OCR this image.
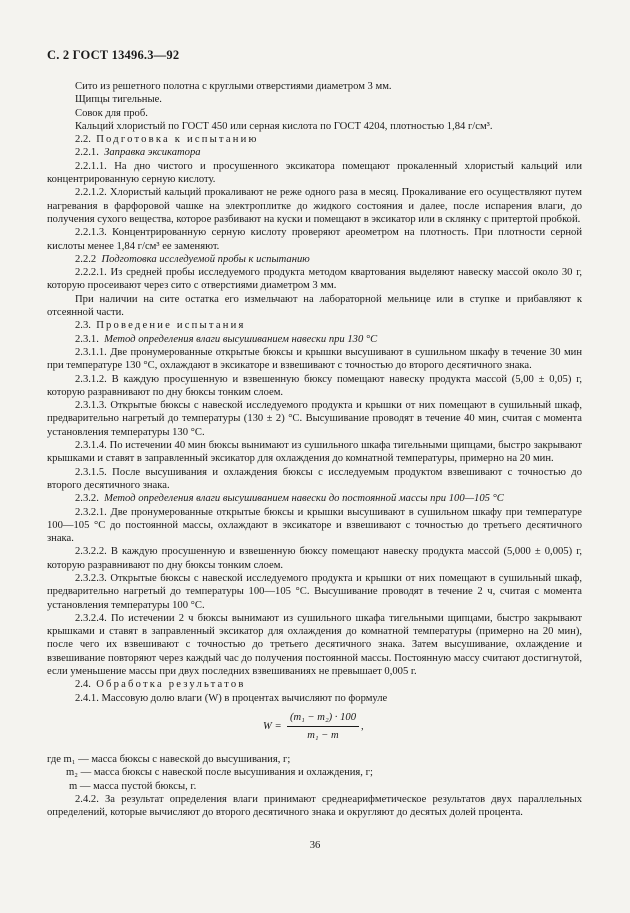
С. 2 ГОСТ 13496.3—92

Сито из решетного полотна с круглыми отверстиями диаметром 3 мм.

Щипцы тигельные.

Совок для проб.

Кальций хлористый по ГОСТ 450 или серная кислота по ГОСТ 4204, плотностью 1,84 г/см³.

2.2. Подготовка к испытанию

2.2.1. Заправка эксикатора

2.2.1.1. На дно чистого и просушенного эксикатора помещают прокаленный хлористый кальций или концентрированную серную кислоту.

2.2.1.2. Хлористый кальций прокаливают не реже одного раза в месяц. Прокаливание его осуществляют путем нагревания в фарфоровой чашке на электроплитке до жидкого состояния и далее, после испарения влаги, до получения сухого вещества, которое разбивают на куски и помещают в эксикатор или в склянку с притертой пробкой.

2.2.1.3. Концентрированную серную кислоту проверяют ареометром на плотность. При плотности серной кислоты менее 1,84 г/см³ ее заменяют.

2.2.2 Подготовка исследуемой пробы к испытанию

2.2.2.1. Из средней пробы исследуемого продукта методом квартования выделяют навеску массой около 30 г, которую просеивают через сито с отверстиями диаметром 3 мм.

При наличии на сите остатка его измельчают на лабораторной мельнице или в ступке и прибавляют к отсеянной части.

2.3. Проведение испытания

2.3.1. Метод определения влаги высушиванием навески при 130 °С

2.3.1.1. Две пронумерованные открытые бюксы и крышки высушивают в сушильном шкафу в течение 30 мин при температуре 130 °С, охлаждают в эксикаторе и взвешивают с точностью до второго десятичного знака.

2.3.1.2. В каждую просушенную и взвешенную бюксу помещают навеску продукта массой (5,00 ± 0,05) г, которую разравнивают по дну бюксы тонким слоем.

2.3.1.3. Открытые бюксы с навеской исследуемого продукта и крышки от них помещают в сушильный шкаф, предварительно нагретый до температуры (130 ± 2) °С. Высушивание проводят в течение 40 мин, считая с момента установления температуры 130 °С.

2.3.1.4. По истечении 40 мин бюксы вынимают из сушильного шкафа тигельными щипцами, быстро закрывают крышками и ставят в заправленный эксикатор для охлаждения до комнатной температуры, примерно на 20 мин.

2.3.1.5. После высушивания и охлаждения бюксы с исследуемым продуктом взвешивают с точностью до второго десятичного знака.

2.3.2. Метод определения влаги высушиванием навески до постоянной массы при 100—105 °С

2.3.2.1. Две пронумерованные открытые бюксы и крышки высушивают в сушильном шкафу при температуре 100—105 °С до постоянной массы, охлаждают в эксикаторе и взвешивают с точностью до третьего десятичного знака.

2.3.2.2. В каждую просушенную и взвешенную бюксу помещают навеску продукта массой (5,000 ± 0,005) г, которую разравнивают по дну бюксы тонким слоем.

2.3.2.3. Открытые бюксы с навеской исследуемого продукта и крышки от них помещают в сушильный шкаф, предварительно нагретый до температуры 100—105 °С. Высушивание проводят в течение 2 ч, считая с момента установления температуры 100 °С.

2.3.2.4. По истечении 2 ч бюксы вынимают из сушильного шкафа тигельными щипцами, быстро закрывают крышками и ставят в заправленный эксикатор для охлаждения до комнатной температуры (примерно на 20 мин), после чего их взвешивают с точностью до третьего десятичного знака. Затем высушивание, охлаждение и взвешивание повторяют через каждый час до получения постоянной массы. Постоянную массу считают достигнутой, если уменьшение массы при двух последних взвешиваниях не превышает 0,005 г.

2.4. Обработка результатов

2.4.1. Массовую долю влаги (W) в процентах вычисляют по формуле

$W = \frac{\text{(m₁ − m₂) · 100}}{\text{m₁ − m}}$ ,

где m₁ — масса бюксы с навеской до высушивания, г;

m₂ — масса бюксы с навеской после высушивания и охлаждения, г;

m — масса пустой бюксы, г.

2.4.2. За результат определения влаги принимают среднеарифметическое результатов двух параллельных определений, которые вычисляют до второго десятичного знака и округляют до десятых долей процента.

36
